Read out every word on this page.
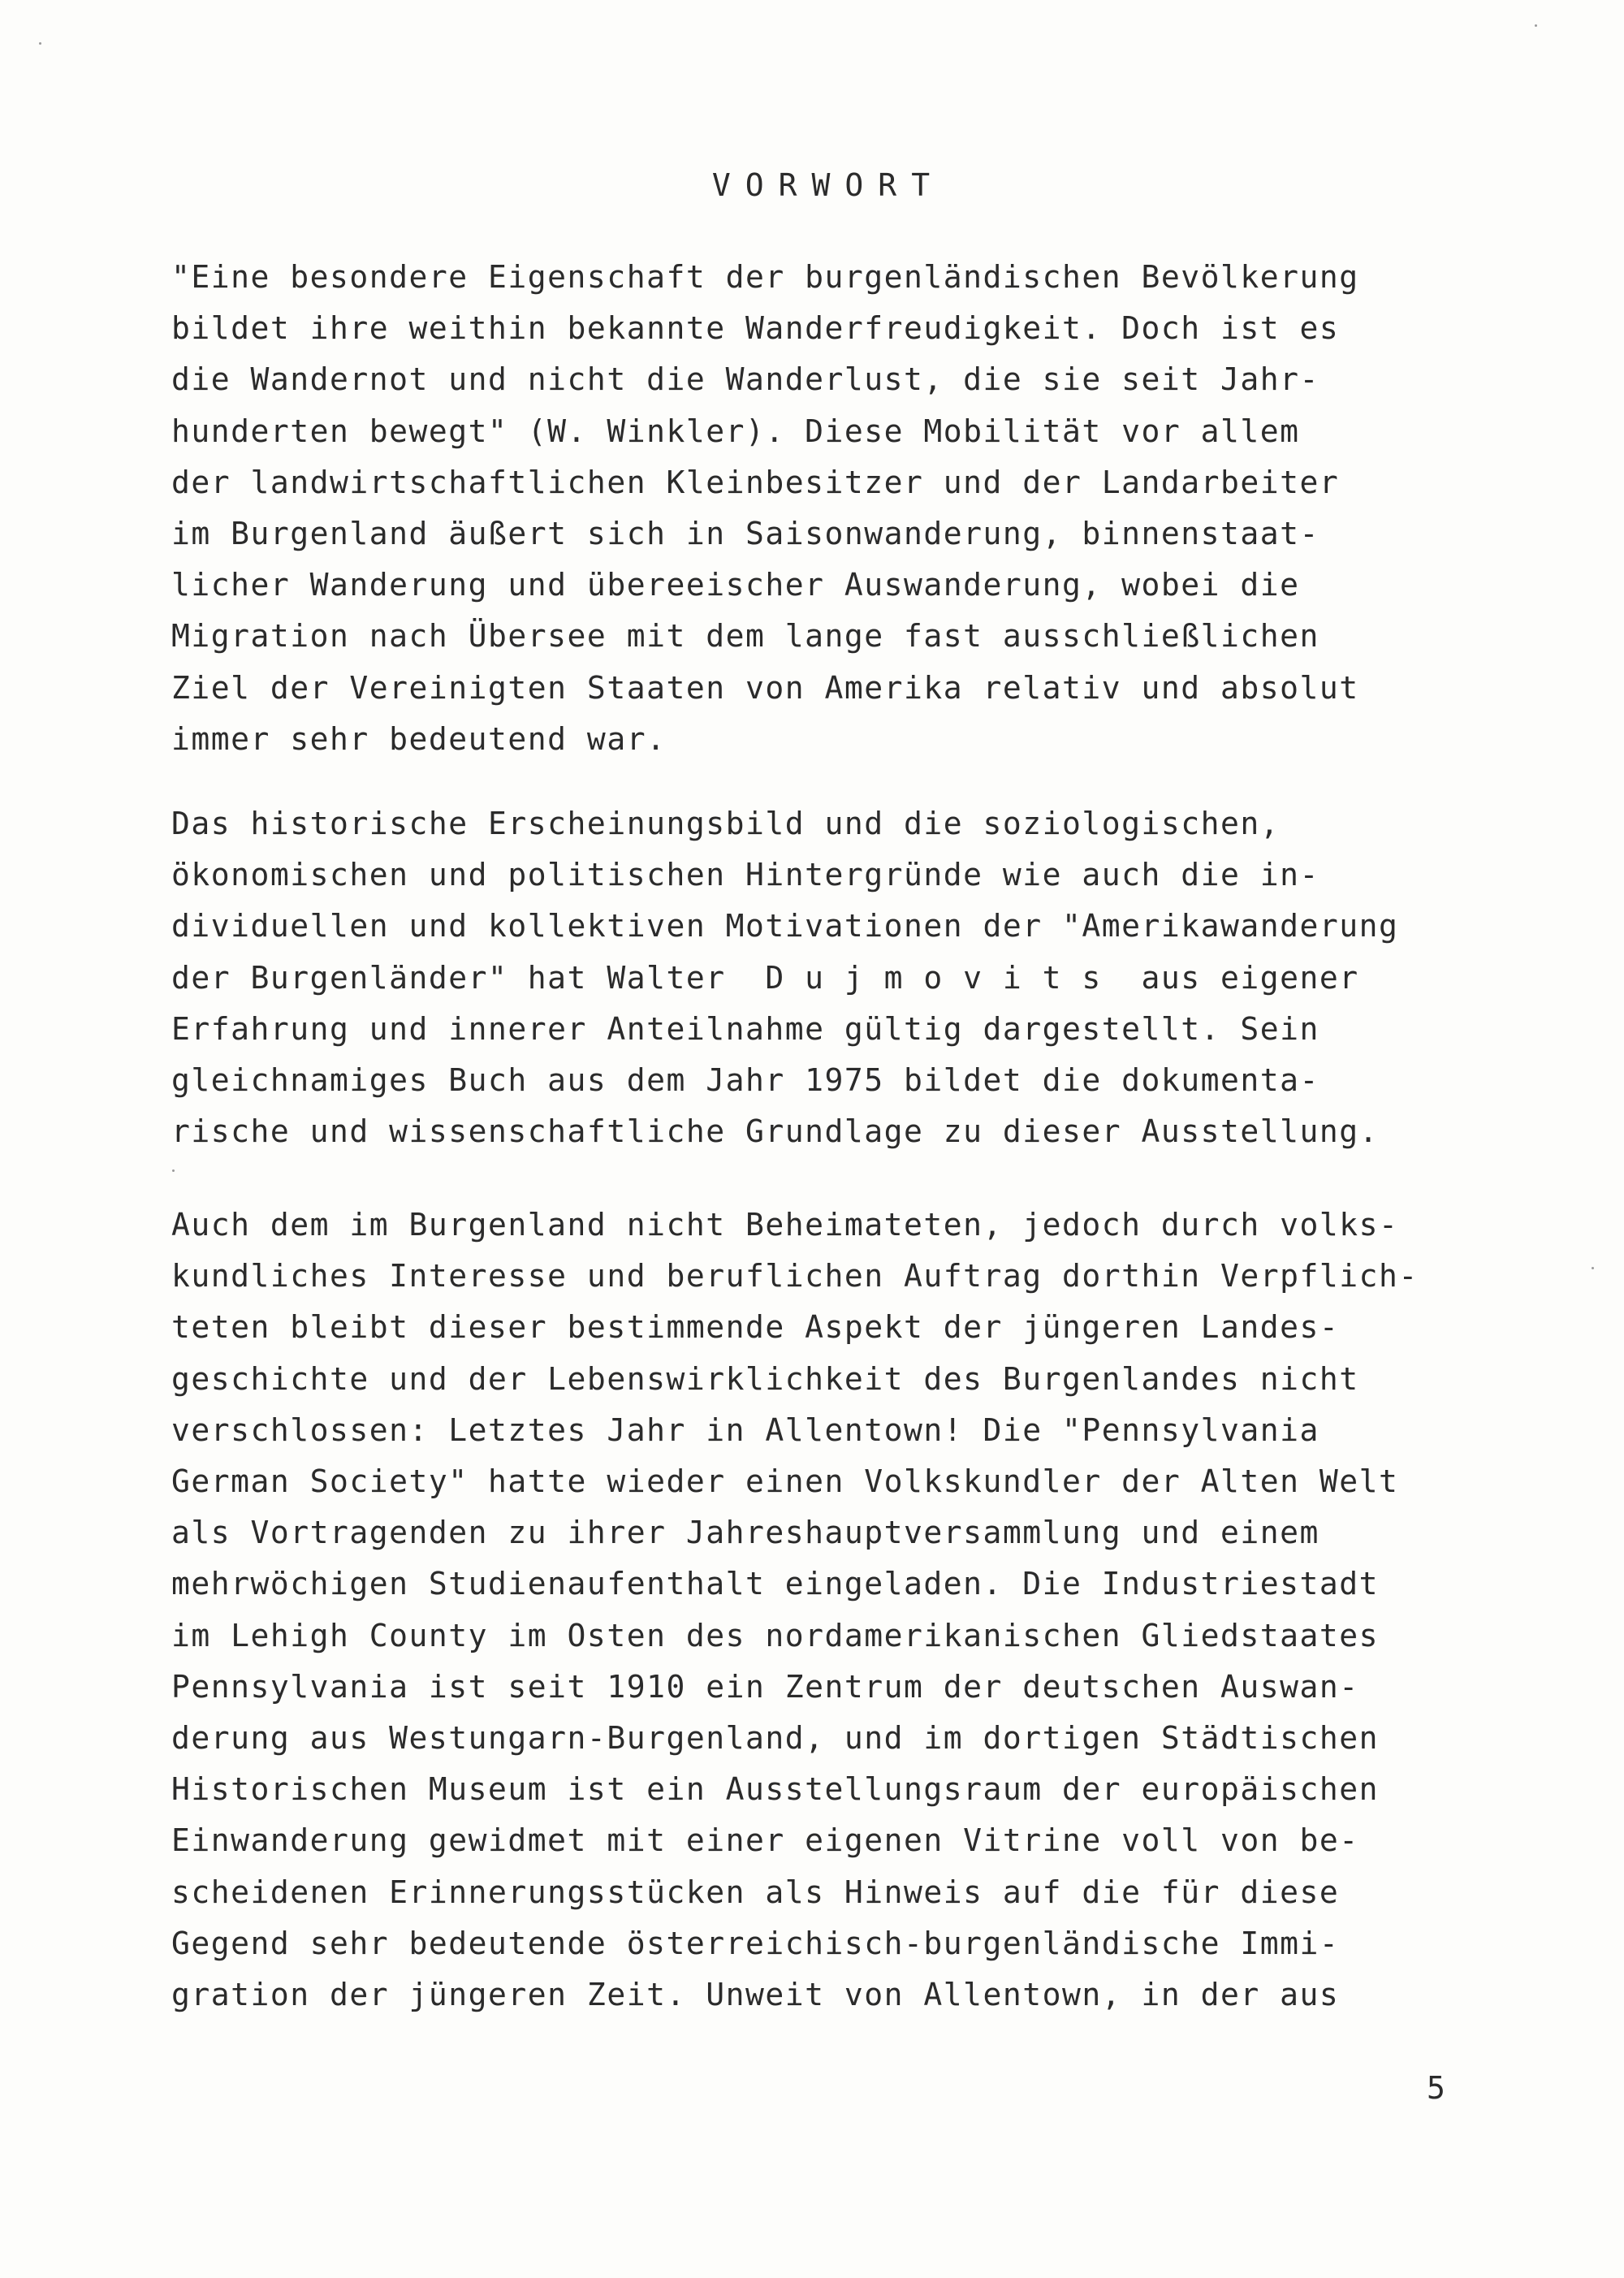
VORWORT
"Eine besondere Eigenschaft der burgenländischen Bevölkerung
bildet ihre weithin bekannte Wanderfreudigkeit. Doch ist es
die Wandernot und nicht die Wanderlust, die sie seit Jahr-
hunderten bewegt" (W. Winkler). Diese Mobilität vor allem
der landwirtschaftlichen Kleinbesitzer und der Landarbeiter
im Burgenland äußert sich in Saisonwanderung, binnenstaat-
licher Wanderung und übereeischer Auswanderung, wobei die
Migration nach Übersee mit dem lange fast ausschließlichen
Ziel der Vereinigten Staaten von Amerika relativ und absolut
immer sehr bedeutend war.
Das historische Erscheinungsbild und die soziologischen,
ökonomischen und politischen Hintergründe wie auch die in-
dividuellen und kollektiven Motivationen der "Amerikawanderung
der Burgenländer" hat Walter  D u j m o v i t s  aus eigener
Erfahrung und innerer Anteilnahme gültig dargestellt. Sein
gleichnamiges Buch aus dem Jahr 1975 bildet die dokumenta-
rische und wissenschaftliche Grundlage zu dieser Ausstellung.
Auch dem im Burgenland nicht Beheimateten, jedoch durch volks-
kundliches Interesse und beruflichen Auftrag dorthin Verpflich-
teten bleibt dieser bestimmende Aspekt der jüngeren Landes-
geschichte und der Lebenswirklichkeit des Burgenlandes nicht
verschlossen: Letztes Jahr in Allentown! Die "Pennsylvania
German Society" hatte wieder einen Volkskundler der Alten Welt
als Vortragenden zu ihrer Jahreshauptversammlung und einem
mehrwöchigen Studienaufenthalt eingeladen. Die Industriestadt
im Lehigh County im Osten des nordamerikanischen Gliedstaates
Pennsylvania ist seit 1910 ein Zentrum der deutschen Auswan-
derung aus Westungarn-Burgenland, und im dortigen Städtischen
Historischen Museum ist ein Ausstellungsraum der europäischen
Einwanderung gewidmet mit einer eigenen Vitrine voll von be-
scheidenen Erinnerungsstücken als Hinweis auf die für diese
Gegend sehr bedeutende österreichisch-burgenländische Immi-
gration der jüngeren Zeit. Unweit von Allentown, in der aus
5
